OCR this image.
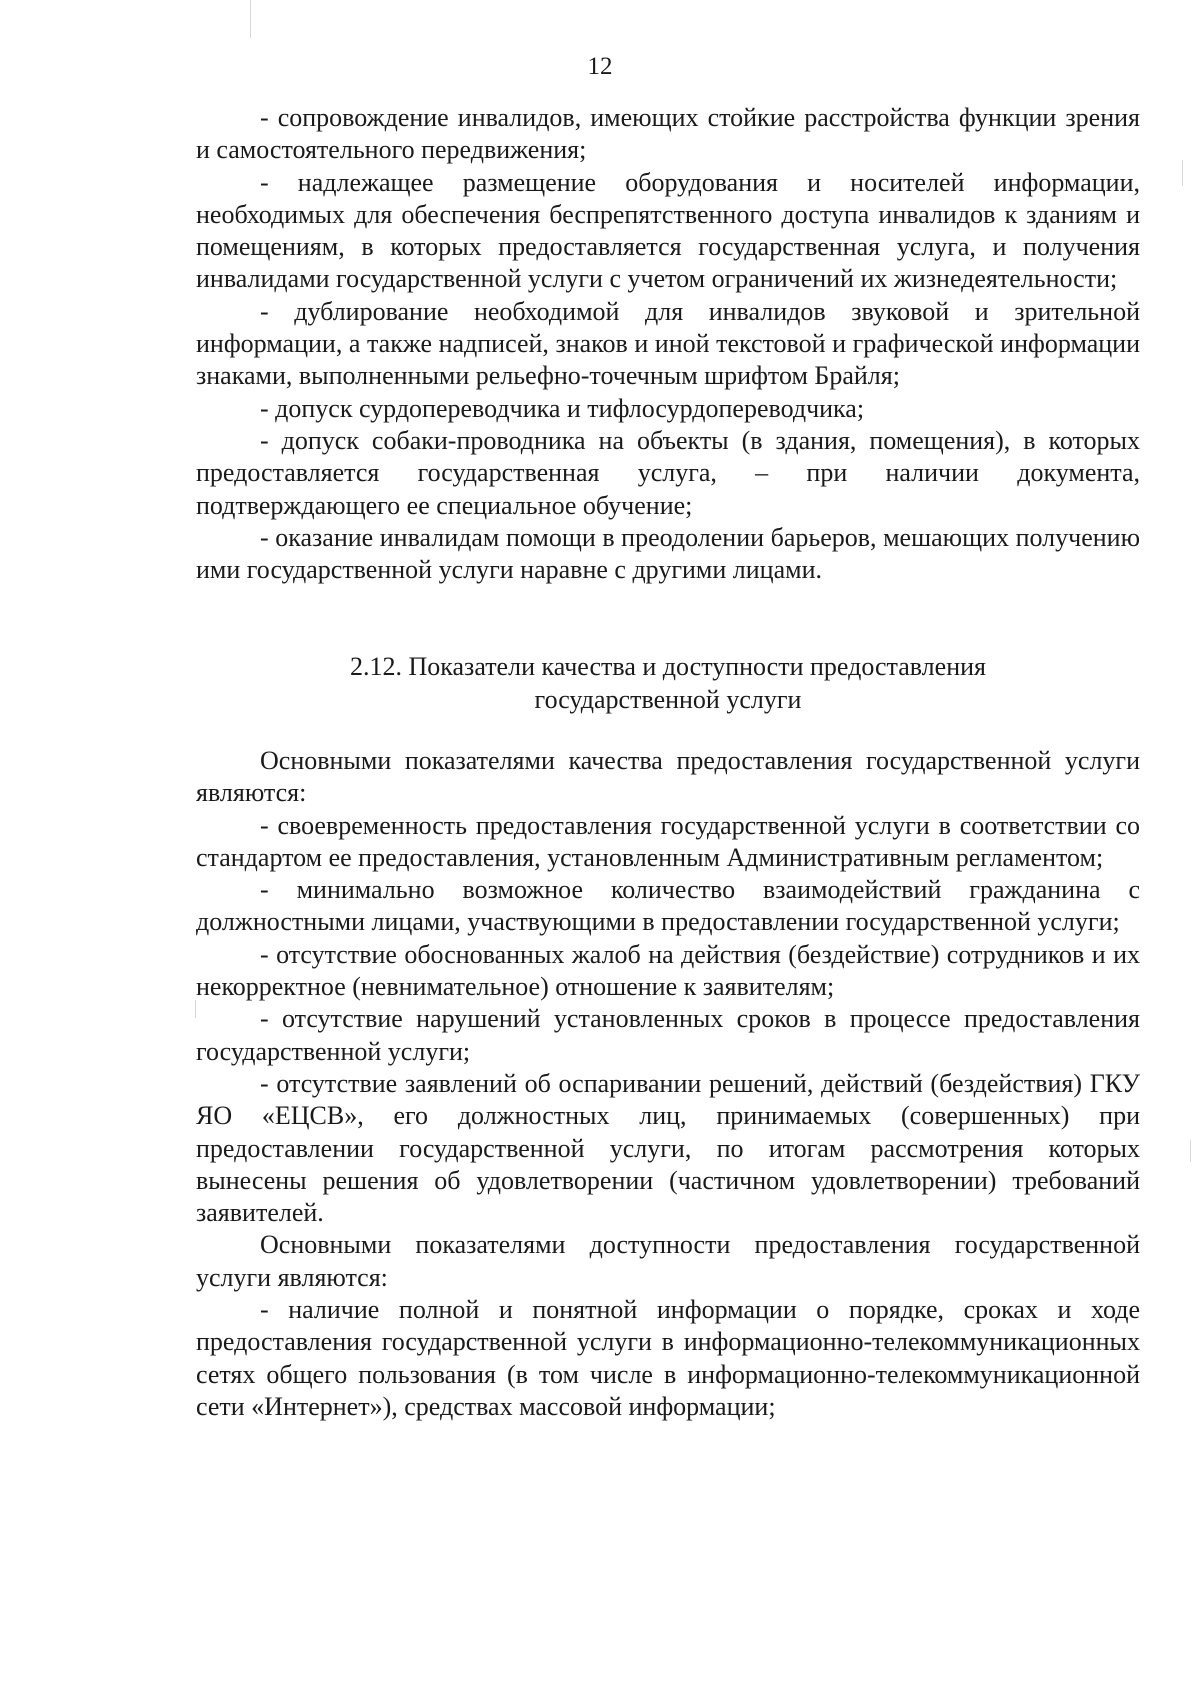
12

- сопровождение инвалидов, имеющих стойкие расстройства функции зрения и самостоятельного передвижения;

- надлежащее размещение оборудования и носителей информации, необходимых для обеспечения беспрепятственного доступа инвалидов к зданиям и помещениям, в которых предоставляется государственная услуга, и получения инвалидами государственной услуги с учетом ограничений их жизнедеятельности;

- дублирование необходимой для инвалидов звуковой и зрительной информации, а также надписей, знаков и иной текстовой и графической информации знаками, выполненными рельефно-точечным шрифтом Брайля;

- допуск сурдопереводчика и тифлосурдопереводчика;

- допуск собаки-проводника на объекты (в здания, помещения), в которых предоставляется государственная услуга, – при наличии документа, подтверждающего ее специальное обучение;

- оказание инвалидам помощи в преодолении барьеров, мешающих получению ими государственной услуги наравне с другими лицами.

2.12. Показатели качества и доступности предоставления
государственной услуги

Основными показателями качества предоставления государственной услуги являются:

- своевременность предоставления государственной услуги в соответствии со стандартом ее предоставления, установленным Административным регламентом;

- минимально возможное количество взаимодействий гражданина с должностными лицами, участвующими в предоставлении государственной услуги;

- отсутствие обоснованных жалоб на действия (бездействие) сотрудников и их некорректное (невнимательное) отношение к заявителям;

- отсутствие нарушений установленных сроков в процессе предоставления государственной услуги;

- отсутствие заявлений об оспаривании решений, действий (бездействия) ГКУ ЯО «ЕЦСВ», его должностных лиц, принимаемых (совершенных) при предоставлении государственной услуги, по итогам рассмотрения которых вынесены решения об удовлетворении (частичном удовлетворении) требований заявителей.

Основными показателями доступности предоставления государственной услуги являются:

- наличие полной и понятной информации о порядке, сроках и ходе предоставления государственной услуги в информационно-телекоммуникационных сетях общего пользования (в том числе в информационно-телекоммуникационной сети «Интернет»), средствах массовой информации;
